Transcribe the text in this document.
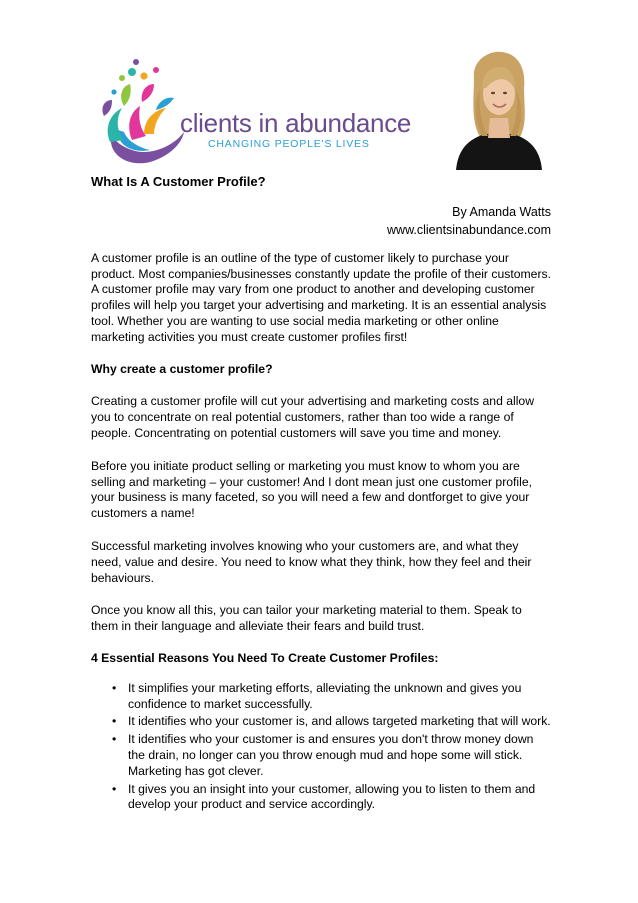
clients in abundance
CHANGING PEOPLE'S LIVES

What Is A Customer Profile?

By Amanda Watts
www.clientsinabundance.com

A customer profile is an outline of the type of customer likely to purchase your product. Most companies/businesses constantly update the profile of their customers. A customer profile may vary from one product to another and developing customer profiles will help you target your advertising and marketing. It is an essential analysis tool. Whether you are wanting to use social media marketing or other online marketing activities you must create customer profiles first!

Why create a customer profile?

Creating a customer profile will cut your advertising and marketing costs and allow you to concentrate on real potential customers, rather than too wide a range of people. Concentrating on potential customers will save you time and money.

Before you initiate product selling or marketing you must know to whom you are selling and marketing – your customer! And I dont mean just one customer profile, your business is many faceted, so you will need a few and dontforget to give your customers a name!

Successful marketing involves knowing who your customers are, and what they need, value and desire. You need to know what they think, how they feel and their behaviours.

Once you know all this, you can tailor your marketing material to them. Speak to them in their language and alleviate their fears and build trust.

4 Essential Reasons You Need To Create Customer Profiles:

• It simplifies your marketing efforts, alleviating the unknown and gives you confidence to market successfully.
• It identifies who your customer is, and allows targeted marketing that will work.
• It identifies who your customer is and ensures you don't throw money down the drain, no longer can you throw enough mud and hope some will stick. Marketing has got clever.
• It gives you an insight into your customer, allowing you to listen to them and develop your product and service accordingly.
